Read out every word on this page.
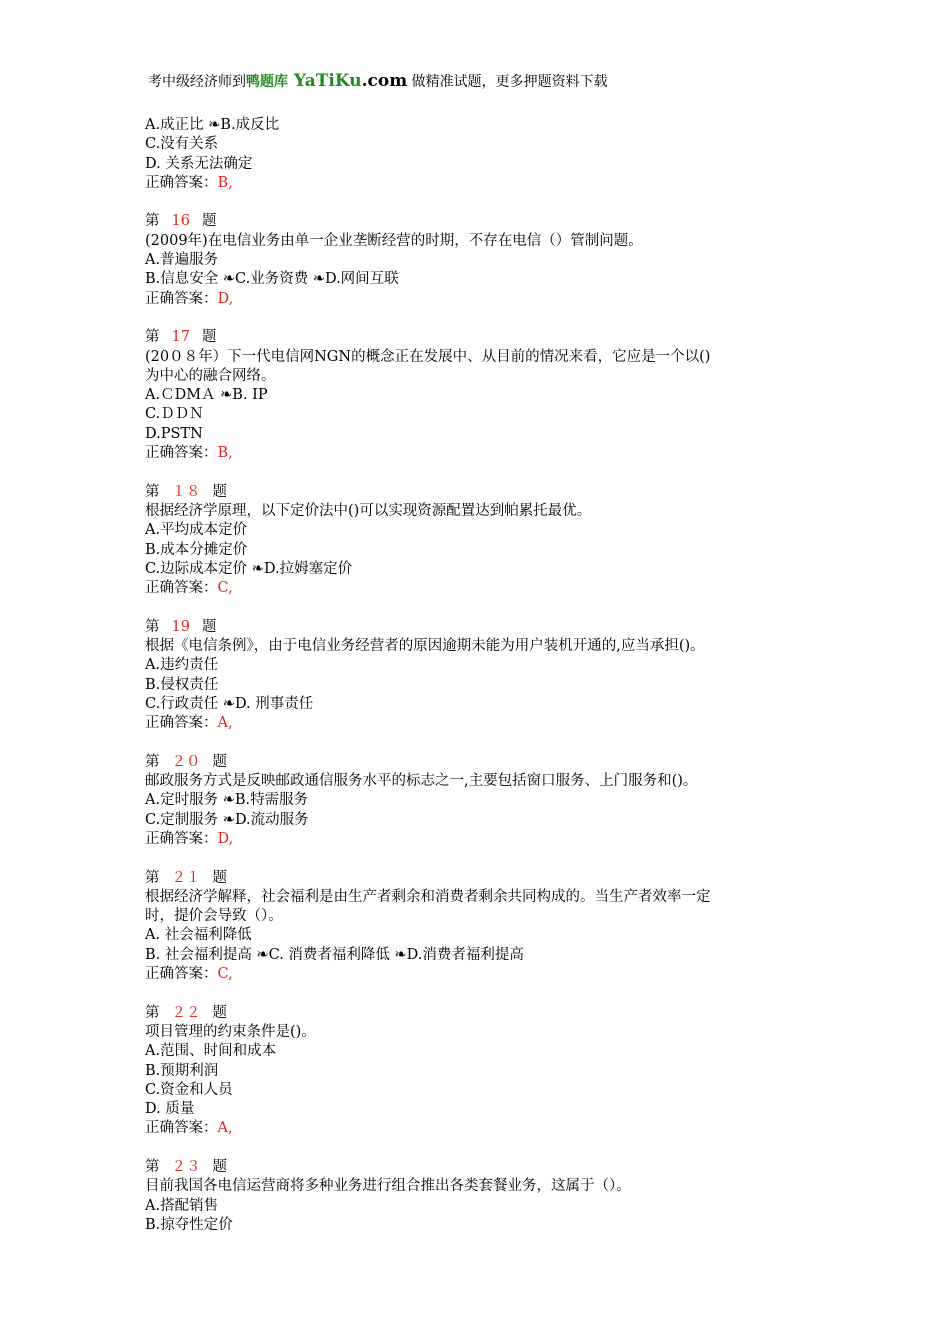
考中级经济师到鸭题库 YaTiKu.com 做精准试题，更多押题资料下载
A.成正比 ❧B.成反比
C.没有关系
D. 关系无法确定
正确答案：B,
第 16 题
(2009年)在电信业务由单一企业垄断经营的时期，不存在电信（）管制问题。
A.普遍服务
B.信息安全 ❧C.业务资费 ❧D.网间互联
正确答案：D,
第 17 题
(20０８年）下一代电信网NGN的概念正在发展中、从目前的情况来看，它应是一个以()
为中心的融合网络。
A.ＣDMＡ ❧B. IP
C.ＤＤＮ
D.PSTN
正确答案：B,
第 １８ 题
根据经济学原理，以下定价法中()可以实现资源配置达到帕累托最优。
A.平均成本定价
B.成本分摊定价
C.边际成本定价 ❧D.拉姆塞定价
正确答案：C,
第 19 题
根据《电信条例》，由于电信业务经营者的原因逾期未能为用户装机开通的,应当承担()。
A.违约责任
B.侵权责任
C.行政责任 ❧D. 刑事责任
正确答案：A,
第 ２０ 题
邮政服务方式是反映邮政通信服务水平的标志之一,主要包括窗口服务、上门服务和()。
A.定时服务 ❧B.特需服务
C.定制服务 ❧D.流动服务
正确答案：D,
第 ２１ 题
根据经济学解释，社会福利是由生产者剩余和消费者剩余共同构成的。当生产者效率一定
时，提价会导致（）。
A. 社会福利降低
B. 社会福利提高 ❧C. 消费者福利降低 ❧D.消费者福利提高
正确答案：C,
第 ２２ 题
项目管理的约束条件是()。
A.范围、时间和成本
B.预期利润
C.资金和人员
D. 质量
正确答案：A,
第 ２３ 题
目前我国各电信运营商将多种业务进行组合推出各类套餐业务，这属于（）。
A.搭配销售
B.掠夺性定价
